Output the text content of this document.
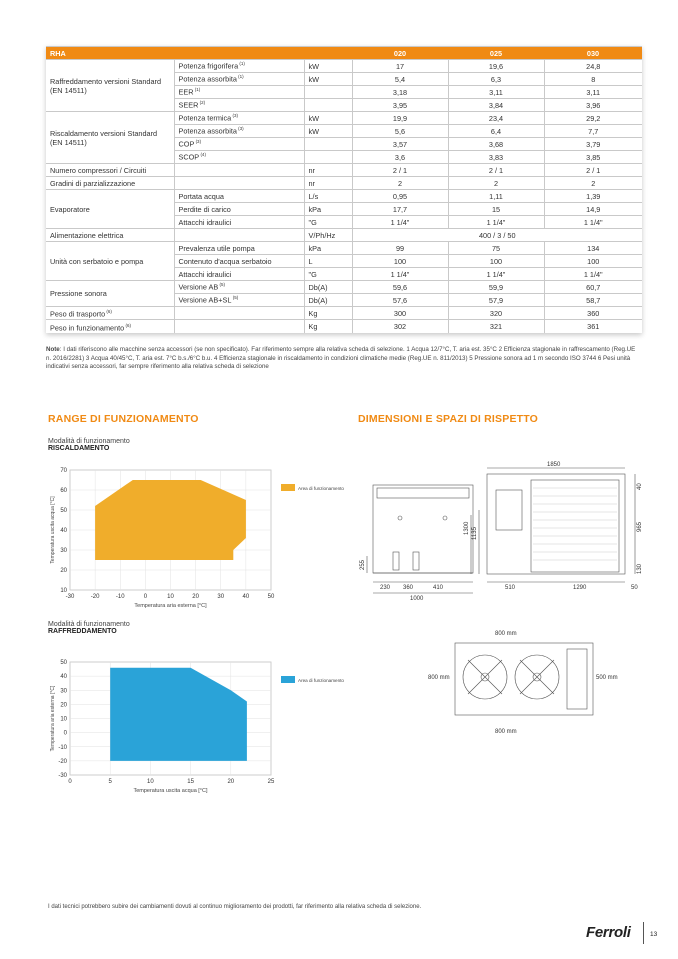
RHA			020	025	030
Raffreddamento versioni Standard (EN 14511)	Potenza frigorifera $^{(1)}$	kW	17	19,6	24,8
	Potenza assorbita $^{(1)}$	kW	5,4	6,3	8
	EER $^{(1)}$		3,18	3,11	3,11
	SEER $^{(2)}$		3,95	3,84	3,96
Riscaldamento versioni Standard (EN 14511)	Potenza termica $^{(3)}$	kW	19,9	23,4	29,2
	Potenza assorbita $^{(3)}$	kW	5,6	6,4	7,7
	COP $^{(3)}$		3,57	3,68	3,79
	SCOP $^{(4)}$		3,6	3,83	3,85
Numero compressori / Circuiti		nr	2 / 1	2 / 1	2 / 1
Gradini di parzializzazione		nr	2	2	2
Evaporatore	Portata acqua	L/s	0,95	1,11	1,39
	Perdite di carico	kPa	17,7	15	14,9
	Attacchi idraulici	"G	1 1/4"	1 1/4"	1 1/4"
Alimentazione elettrica		V/Ph/Hz	400 / 3 / 50		
Unità con serbatoio e pompa	Prevalenza utile pompa	kPa	99	75	134
	Contenuto d'acqua serbatoio	L	100	100	100
	Attacchi idraulici	"G	1 1/4"	1 1/4"	1 1/4"
Pressione sonora	Versione AB $^{(5)}$	Db(A)	59,6	59,9	60,7
	Versione AB+SL $^{(5)}$	Db(A)	57,6	57,9	58,7
Peso di trasporto $^{(6)}$		Kg	300	320	360
Peso in funzionamento $^{(6)}$		Kg	302	321	361
Note: I dati riferiscono alle macchine senza accessori (se non specificato). Far riferimento sempre alla relativa scheda di selezione. 1 Acqua 12/7°C, T. aria est. 35°C 2 Efficienza stagionale in raffrescamento (Reg.UE n. 2016/2281) 3 Acqua 40/45°C, T. aria est. 7°C b.s./6°C b.u. 4 Efficienza stagionale in riscaldamento in condizioni climatiche medie (Reg.UE n. 811/2013) 5 Pressione sonora ad 1 m secondo ISO 3744 6 Pesi unità indicativi senza accessori, far sempre riferimento alla relativa scheda di selezione
RANGE DI FUNZIONAMENTO	DIMENSIONI E SPAZI DI RISPETTO
Modalità di funzionamento
RISCALDAMENTO
-30	-20	-10	0	10	20	30	40	50
10
20
30
40
50
60
70
Area di funzionamento
Temperatura aria esterna [°C]
Temperatura uscita acqua [°C]
Modalità di funzionamento
RAFFREDDAMENTO
0	5	10	15	20	25
-30
-20
-10
0
10
20
30
40
50
Area di funzionamento
Temperatura uscita acqua [°C]
Temperatura aria esterna [°C]
255
230 360	410
1000
1850
40
965
130
1300 1135
510	1290	50
800 mm
800 mm	500 mm
800 mm
I dati tecnici potrebbero subire dei cambiamenti dovuti al continuo miglioramento dei prodotti, far riferimento alla relativa scheda di selezione.
Ferroli	13
